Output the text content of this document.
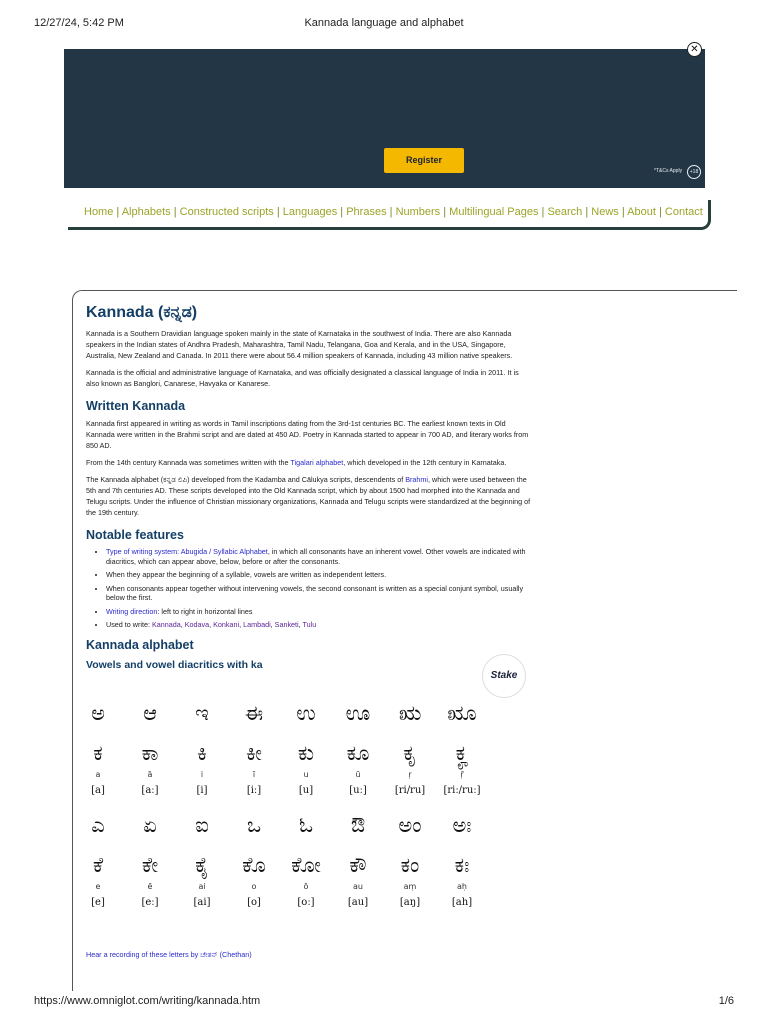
12/27/24, 5:42 PM	Kannada language and alphabet
Register
*T&Cs Apply	+18
✕
Home | Alphabets | Constructed scripts | Languages | Phrases | Numbers | Multilingual Pages | Search | News | About | Contact
Kannada (ಕನ್ನಡ)

Kannada is a Southern Dravidian language spoken mainly in the state of Karnataka in the southwest of India. There are also Kannada speakers in the Indian states of Andhra Pradesh, Maharashtra, Tamil Nadu, Telangana, Goa and Kerala, and in the USA, Singapore, Australia, New Zealand and Canada. In 2011 there were about 56.4 million speakers of Kannada, including 43 million native speakers.

Kannada is the official and administrative language of Karnataka, and was officially designated a classical language of India in 2011. It is also known as Banglori, Canarese, Havyaka or Kanarese.

Written Kannada

Kannada first appeared in writing as words in Tamil inscriptions dating from the 3rd-1st centuries BC. The earliest known texts in Old Kannada were written in the Brahmi script and are dated at 450 AD. Poetry in Kannada started to appear in 700 AD, and literary works from 850 AD.

From the 14th century Kannada was sometimes written with the Tigalari alphabet, which developed in the 12th century in Karnataka.

The Kannada alphabet (ಕನ್ನಡ ಲಿಪಿ) developed from the Kadamba and Cālukya scripts, descendents of Brahmi, which were used between the 5th and 7th centuries AD. These scripts developed into the Old Kannada script, which by about 1500 had morphed into the Kannada and Telugu scripts. Under the influence of Christian missionary organizations, Kannada and Telugu scripts were standardized at the beginning of the 19th century.

Notable features
• Type of writing system: Abugida / Syllabic Alphabet, in which all consonants have an inherent vowel. Other vowels are indicated with diacritics, which can appear above, below, before or after the consonants.
• When they appear the beginning of a syllable, vowels are written as independent letters.
• When consonants appear together without intervening vowels, the second consonant is written as a special conjunt symbol, usually below the first.
• Writing direction: left to right in horizontal lines
• Used to write: Kannada, Kodava, Konkani, Lambadi, Sanketi, Tulu
Kannada alphabet
Vowels and vowel diacritics with ka
Stake
ಅ	ಆ	ಇ	ಈ	ಉ	ಊ	ಋ	ೠ

ಕ	ಕಾ	ಕಿ	ಕೀ	ಕು	ಕೂ	ಕೃ	ಕೄ
a	ā	i	ī	u	ū	ṛ	ṝ
[a]	[aː]	[i]	[iː]	[u]	[uː]	[ri/ru]	[riː/ruː]

ಎ	ಏ	ಐ	ಒ	ಓ	ಔ	ಅಂ	ಅಃ

ಕೆ	ಕೇ	ಕೈ	ಕೊ	ಕೋ	ಕೌ	ಕಂ	ಕಃ
e	ē	ai	o	ō	au	aṃ	aḥ
[e]	[eː]	[ai]	[o]	[oː]	[au]	[aŋ]	[ah]
Hear a recording of these letters by ಚೇತನ್ (Chethan)
https://www.omniglot.com/writing/kannada.htm	1/6
